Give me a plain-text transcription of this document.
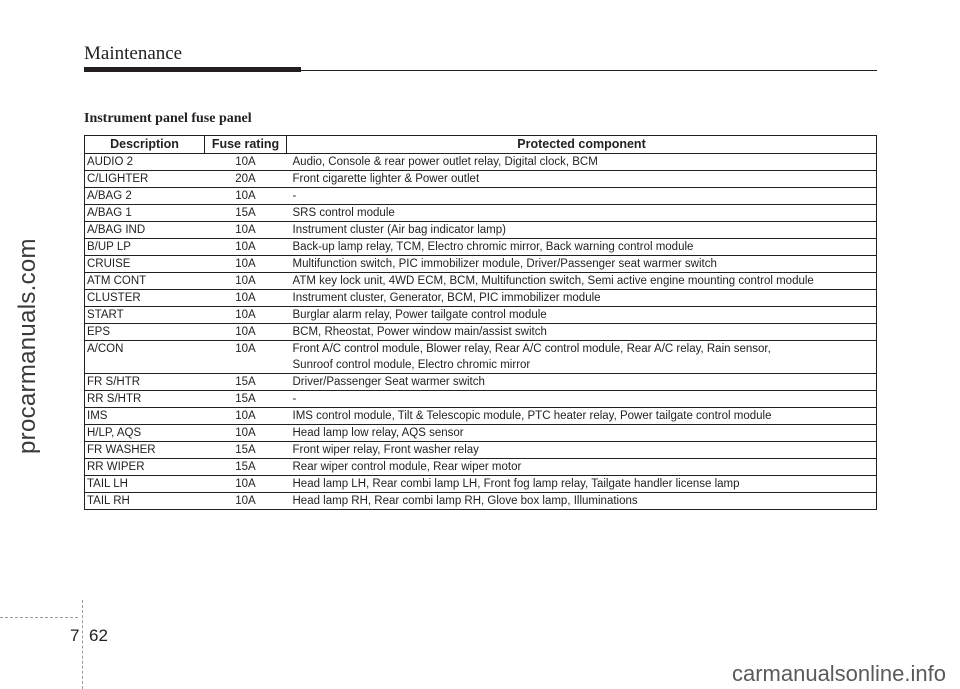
Maintenance
Instrument panel fuse panel
Description	Fuse rating	Protected component
AUDIO 2	10A	Audio, Console & rear power outlet relay, Digital clock, BCM

C/LIGHTER	20A	Front cigarette lighter & Power outlet

A/BAG 2	10A	-

A/BAG 1	15A	SRS control module

A/BAG IND	10A	Instrument cluster (Air bag indicator lamp)

B/UP LP	10A	Back-up lamp relay, TCM, Electro chromic mirror, Back warning control module

CRUISE	10A	Multifunction switch, PIC immobilizer module, Driver/Passenger seat warmer switch

ATM CONT	10A	ATM key lock unit, 4WD ECM, BCM, Multifunction switch, Semi active engine mounting control module

CLUSTER	10A	Instrument cluster, Generator, BCM, PIC immobilizer module

START	10A	Burglar alarm relay, Power tailgate control module

EPS	10A	BCM, Rheostat, Power window main/assist switch

A/CON	10A	Front A/C control module, Blower relay, Rear A/C control module, Rear A/C relay, Rain sensor,
Sunroof control module, Electro chromic mirror

FR S/HTR	15A	Driver/Passenger Seat warmer switch

RR S/HTR	15A	-

IMS	10A	IMS control module, Tilt & Telescopic module, PTC heater relay, Power tailgate control module

H/LP, AQS	10A	Head lamp low relay, AQS sensor

FR WASHER	15A	Front wiper relay, Front washer relay

RR WIPER	15A	Rear wiper control module, Rear wiper motor

TAIL LH	10A	Head lamp LH, Rear combi lamp LH, Front fog lamp relay, Tailgate handler license lamp

TAIL RH	10A	Head lamp RH, Rear combi lamp RH, Glove box lamp, Illuminations
procarmanuals.com
carmanualsonline.info
7 62
